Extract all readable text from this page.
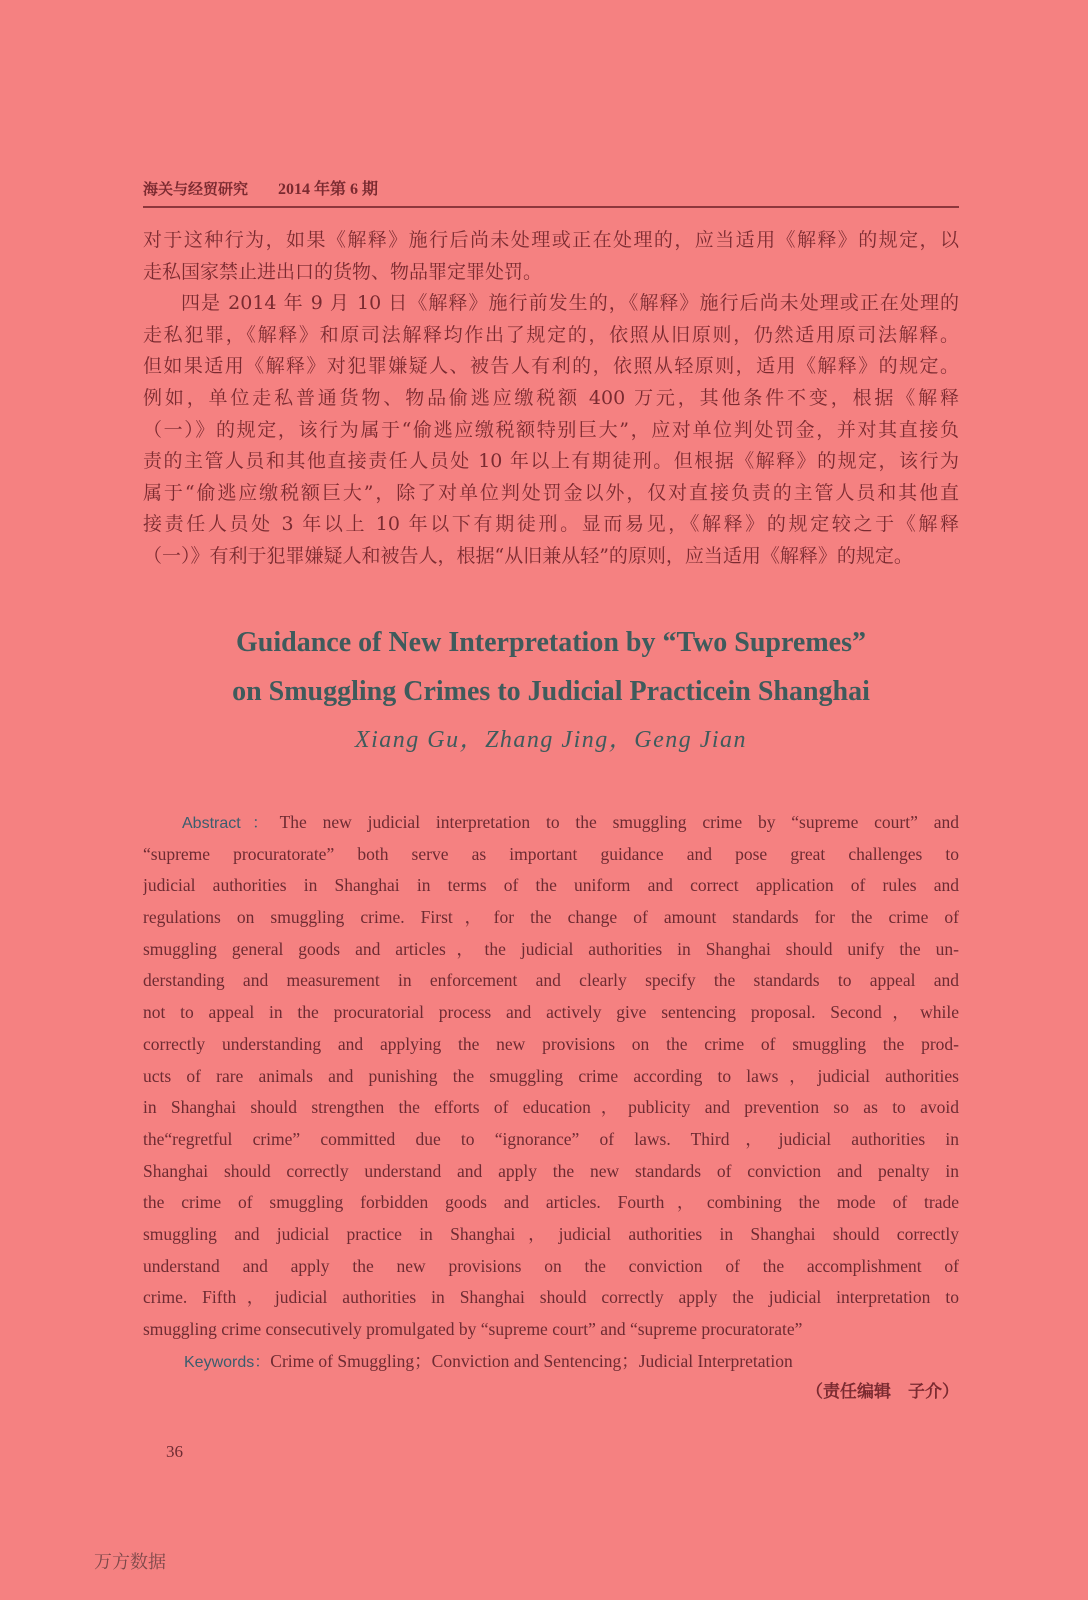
海关与经贸研究 2014 年第 6 期
对于这种行为，如果《解释》施行后尚未处理或正在处理的，应当适用《解释》的规定，以
走私国家禁止进出口的货物、物品罪定罪处罚。
四是 2014 年 9 月 10 日《解释》施行前发生的，《解释》施行后尚未处理或正在处理的
走私犯罪，《解释》和原司法解释均作出了规定的，依照从旧原则，仍然适用原司法解释。
但如果适用《解释》对犯罪嫌疑人、被告人有利的，依照从轻原则，适用《解释》的规定。
例如，单位走私普通货物、物品偷逃应缴税额 400 万元，其他条件不变，根据《解释
（一）》的规定，该行为属于“偷逃应缴税额特别巨大”，应对单位判处罚金，并对其直接负
责的主管人员和其他直接责任人员处 10 年以上有期徒刑。但根据《解释》的规定，该行为
属于“偷逃应缴税额巨大”，除了对单位判处罚金以外，仅对直接负责的主管人员和其他直
接责任人员处 3 年以上 10 年以下有期徒刑。显而易见，《解释》的规定较之于《解释
（一）》有利于犯罪嫌疑人和被告人，根据“从旧兼从轻”的原则，应当适用《解释》的规定。
Guidance of New Interpretation by “Two Supremes”
on Smuggling Crimes to Judicial Practicein Shanghai
Xiang Gu，Zhang Jing，Geng Jian
Abstract：The new judicial interpretation to the smuggling crime by “supreme court” and
“supreme procuratorate” both serve as important guidance and pose great challenges to
judicial authorities in Shanghai in terms of the uniform and correct application of rules and
regulations on smuggling crime. First，for the change of amount standards for the crime of
smuggling general goods and articles，the judicial authorities in Shanghai should unify the un-
derstanding and measurement in enforcement and clearly specify the standards to appeal and
not to appeal in the procuratorial process and actively give sentencing proposal. Second，while
correctly understanding and applying the new provisions on the crime of smuggling the prod-
ucts of rare animals and punishing the smuggling crime according to laws，judicial authorities
in Shanghai should strengthen the efforts of education，publicity and prevention so as to avoid
the“regretful crime” committed due to “ignorance” of laws. Third，judicial authorities in
Shanghai should correctly understand and apply the new standards of conviction and penalty in
the crime of smuggling forbidden goods and articles. Fourth，combining the mode of trade
smuggling and judicial practice in Shanghai，judicial authorities in Shanghai should correctly
understand and apply the new provisions on the conviction of the accomplishment of
crime. Fifth，judicial authorities in Shanghai should correctly apply the judicial interpretation to
smuggling crime consecutively promulgated by “supreme court” and “supreme procuratorate”
Keywords：Crime of Smuggling；Conviction and Sentencing；Judicial Interpretation
（责任编辑　子介）
36
万方数据
